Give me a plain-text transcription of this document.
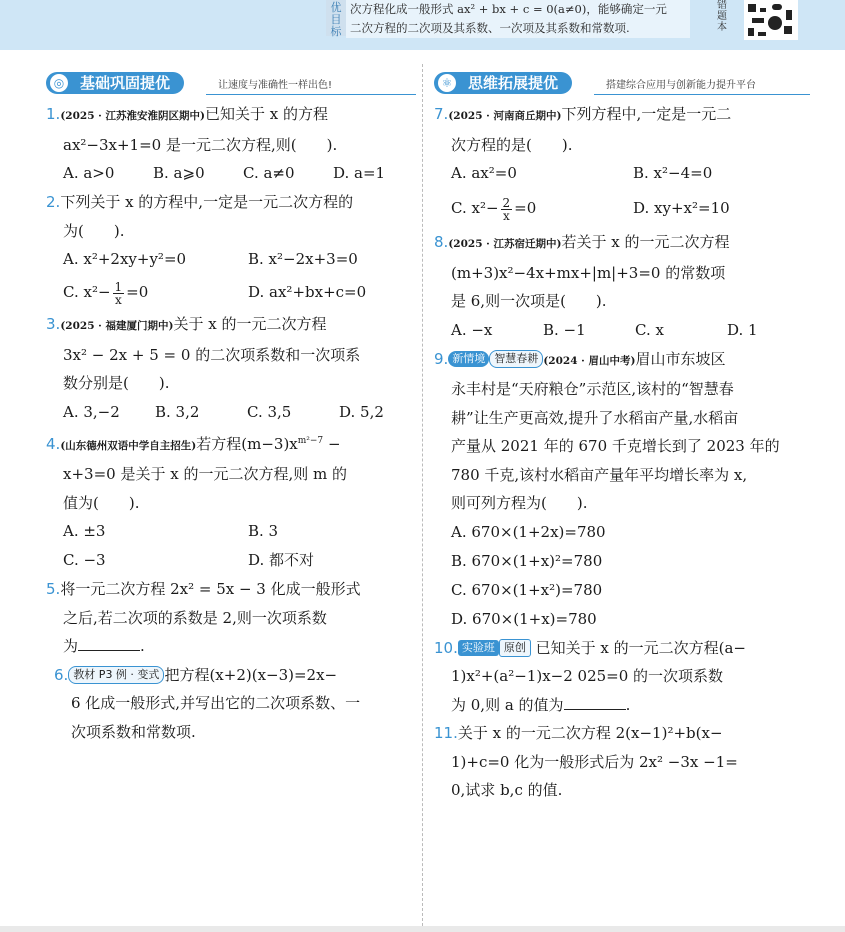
优目标
次方程化成一般形式 ax² + bx + c = 0(a≠0)，能够确定一元
二次方程的二次项及其系数、一次项及其系数和常数项.
错题本
◎ 基础巩固提优	让速度与准确性一样出色!
1.(2025 · 江苏淮安淮阴区期中)已知关于 x 的方程
ax²−3x+1=0 是一元二次方程,则(　　).
A. a>0	B. a⩾0	C. a≠0	D. a=1
2.下列关于 x 的方程中,一定是一元二次方程的
为(　　).
A. x²+2xy+y²=0	B. x²−2x+3=0
C. $x^2- \frac{1}{x} =0$	D. ax²+bx+c=0
3.(2025 · 福建厦门期中)关于 x 的一元二次方程
3x² − 2x + 5 = 0 的二次项系数和一次项系
数分别是(　　).
A. 3,−2	B. 3,2	C. 3,5	D. 5,2
4.(山东德州双语中学自主招生)若方程$(m-3)x^{m^2-7}$ −
x+3=0 是关于 x 的一元二次方程,则 m 的
值为(　　).
A. ±3	B. 3
C. −3	D. 都不对
5.将一元二次方程 2x² = 5x − 3 化成一般形式
之后,若二次项的系数是 2,则一次项系数
为	.
6. 教材 P3 例 · 变式 把方程(x+2)(x−3)=2x−
6 化成一般形式,并写出它的二次项系数、一
次项系数和常数项.
⚛ 思维拓展提优	搭建综合应用与创新能力提升平台
7.(2025 · 河南商丘期中)下列方程中,一定是一元二
次方程的是(　　).
A. ax²=0	B. x²−4=0
C. $x^2- \frac{2}{x} =0$	D. xy+x²=10
8.(2025 · 江苏宿迁期中)若关于 x 的一元二次方程
(m+3)x²−4x+mx+|m|+3=0 的常数项
是 6,则一次项是(　　).
A. −x	B. −1	C. x	D. 1
9. 新情境 智慧春耕 (2024 · 眉山中考)眉山市东坡区
永丰村是“天府粮仓”示范区,该村的“智慧春
耕”让生产更高效,提升了水稻亩产量,水稻亩
产量从 2021 年的 670 千克增长到了 2023 年的
780 千克,该村水稻亩产量年平均增长率为 x,
则可列方程为(　　).
A. 670×(1+2x)=780
B. 670×(1+x)²=780
C. 670×(1+x²)=780
D. 670×(1+x)=780
10. 实验班 原创 已知关于 x 的一元二次方程(a−
1)x²+(a²−1)x−2 025=0 的一次项系数
为 0,则 a 的值为	.
11.关于 x 的一元二次方程 2(x−1)²+b(x−
1)+c=0 化为一般形式后为 2x² −3x −1=
0,试求 b,c 的值.
